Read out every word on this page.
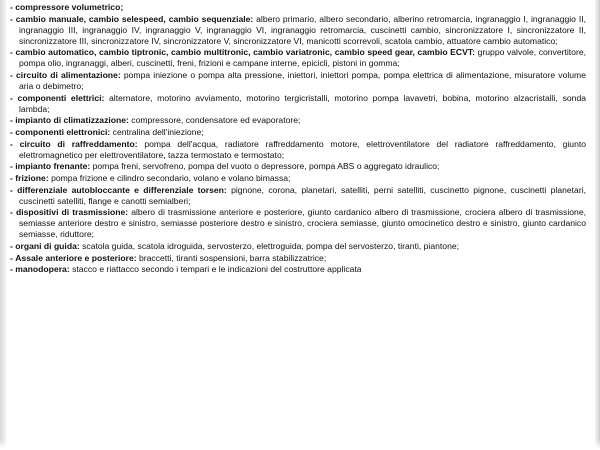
- compressore volumetrico;

- cambio manuale, cambio selespeed, cambio sequenziale: albero primario, albero secondario, alberino retromarcia, ingranaggio I, ingranaggio II, ingranaggio III, ingranaggio IV, ingranaggio V, ingranaggio VI, ingranaggio retromarcia, cuscinetti cambio, sincronizzatore I, sincronizzatore II, sincronizzatore III, sincronizzatore IV, sincronizzatore V, sincronizzatore VI, manicotti scorrevoli, scatola cambio, attuatore cambio automatico;

- cambio automatico, cambio tiptronic, cambio multitronic, cambio variatronic, cambio speed gear, cambio ECVT: gruppo valvole, convertitore, pompa olio, ingranaggi, alberi, cuscinetti, freni, frizioni e campane interne, epicicli, pistoni in gomma;

- circuito di alimentazione: pompa iniezione o pompa alta pressione, iniettori, iniettori pompa, pompa elettrica di alimentazione, misuratore volume aria o debimetro;

- componenti elettrici: alternatore, motorino avviamento, motorino tergicristalli, motorino pompa lavavetri, bobina, motorino alzacristalli, sonda lambda;

- impianto di climatizzazione: compressore, condensatore ed evaporatore;

- componenti elettronici: centralina dell'iniezione;

- circuito di raffreddamento: pompa dell'acqua, radiatore raffreddamento motore, elettroventilatore del radiatore raffreddamento, giunto elettromagnetico per elettroventilatore, tazza termostato e termostato;

- impianto frenante: pompa freni, servofreno, pompa del vuoto o depressore, pompa ABS o aggregato idraulico;

- frizione: pompa frizione e cilindro secondario, volano e volano bimassa;

- differenziale autobloccante e differenziale torsen: pignone, corona, planetari, satelliti, perni satelliti, cuscinetto pignone, cuscinetti planetari, cuscinetti satelliti, flange e canotti semialberi;

- dispositivi di trasmissione: albero di trasmissione anteriore e posteriore, giunto cardanico albero di trasmissione, crociera albero di trasmissione, semiasse anteriore destro e sinistro, semiasse posteriore destro e sinistro, crociera semiasse, giunto omocinetico destro e sinistro, giunto cardanico semiasse, riduttore;

- organi di guida: scatola guida, scatola idroguida, servosterzo, elettroguida, pompa del servosterzo, tiranti, piantone;

- Assale anteriore e posteriore: braccetti, tiranti sospensioni, barra stabilizzatrice;

- manodopera: stacco e riattacco secondo i tempari e le indicazioni del costruttore applicata
